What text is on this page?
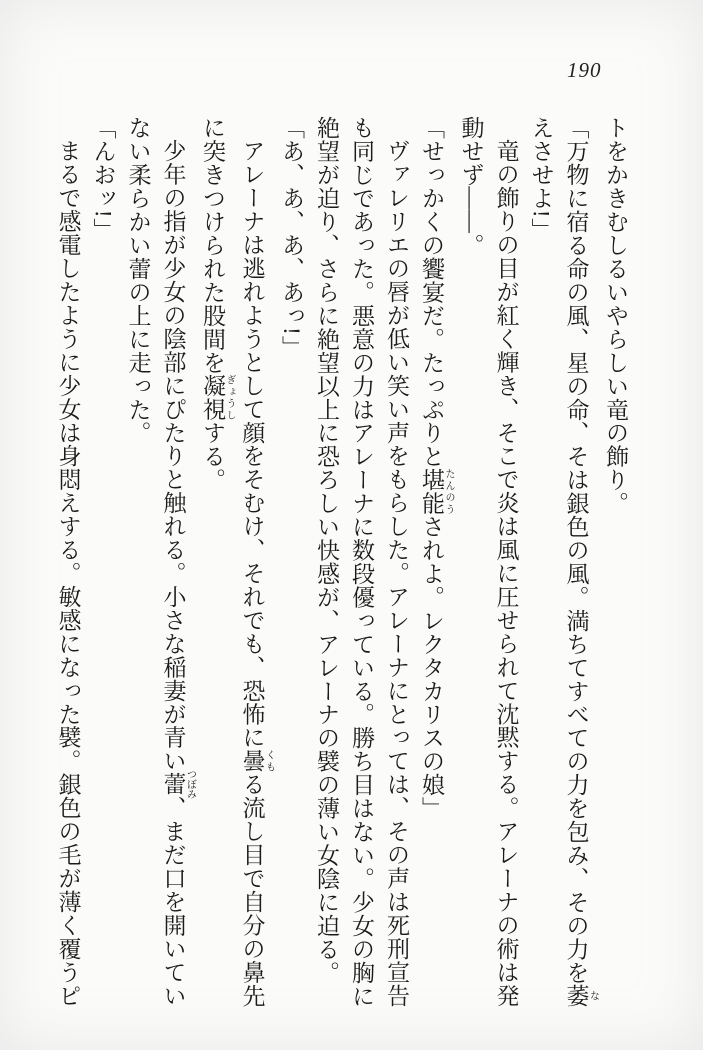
190

トをかきむしるいやらしい竜の飾り。

「万物に宿る命の風、星の命、そは銀色の風。満ちてすべての力を包み、その力を萎 な

えさせよ!」

竜の飾りの目が紅く輝き、そこで炎は風に圧せられて沈黙する。アレーナの術は発

動せず――。

「せっかくの饗宴だ。たっぷりと堪能 たんのうされよ。レクタカリスの娘」

ヴァレリエの唇が低い笑い声をもらした。アレーナにとっては、その声は死刑宣告

も同じであった。悪意の力はアレーナに数段優っている。勝ち目はない。少女の胸に

絶望が迫り、さらに絶望以上に恐ろしい快感が、アレーナの襞の薄い女陰に迫る。

「あ、あ、あ、あっ!」

アレーナは逃れようとして顔をそむけ、それでも、恐怖に曇 くもる流し目で自分の鼻先

に突きつけられた股間を凝視 ぎょうしする。

少年の指が少女の陰部にぴたりと触れる。小さな稲妻が青い蕾 つぼみ、まだ口を開いてい

ない柔らかい蕾の上に走った。

「んおッ!」

まるで感電したように少女は身悶えする。敏感になった襞。銀色の毛が薄く覆うピ
